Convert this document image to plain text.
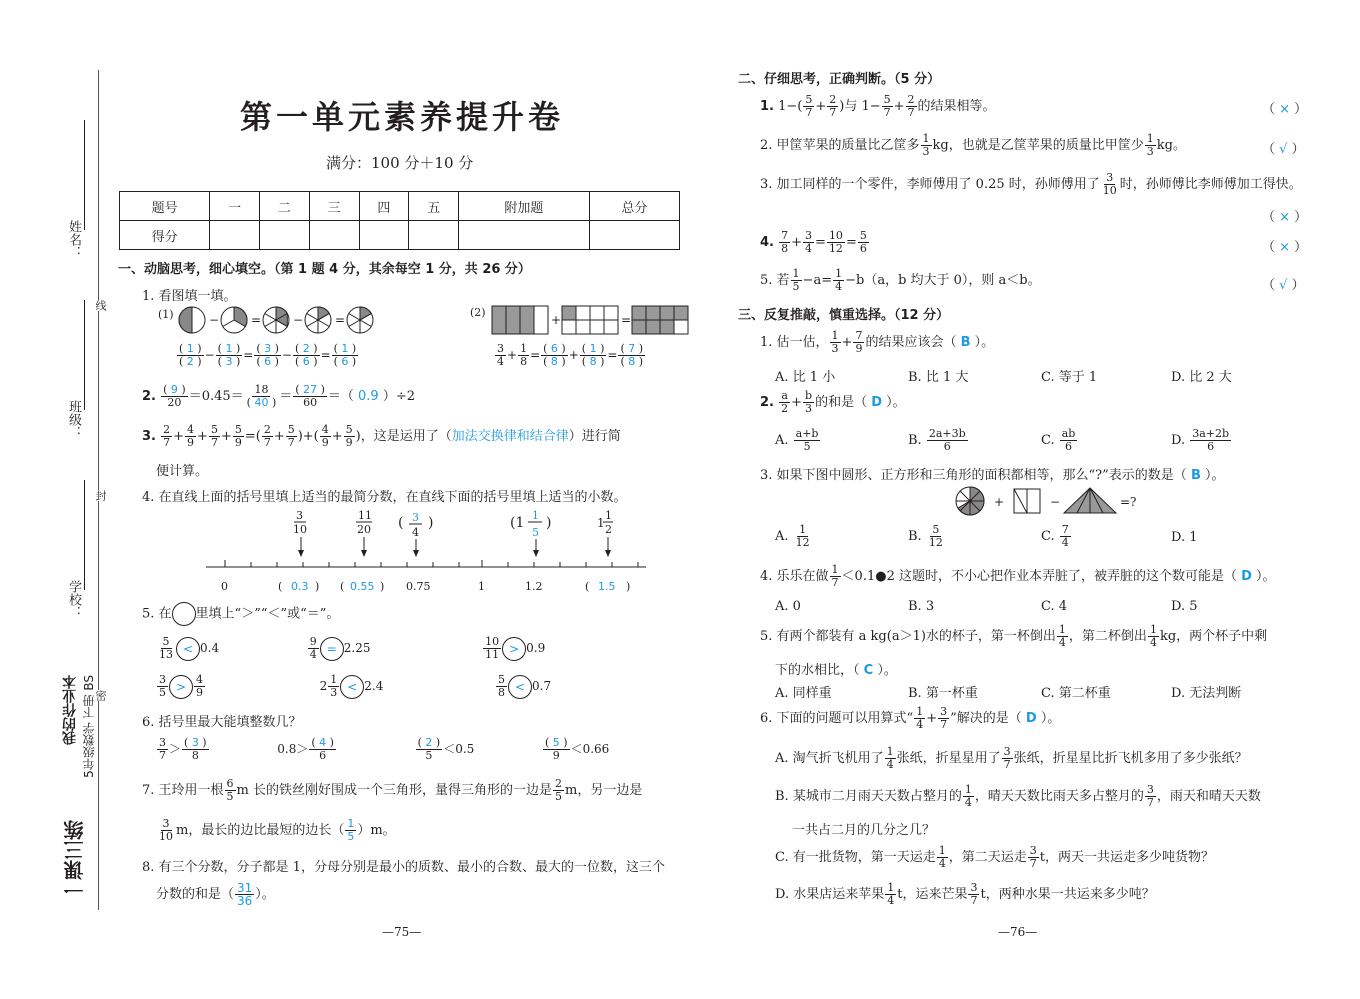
姓名：
班级：
学校：
线
封
密
一课三练
我的作业本 5年级数学 下册 BS
第一单元素养提升卷
满分：100 分＋10 分
题号	一	二	三	四	五	附加题	总分
得分							
一、动脑思考，细心填空。（第 1 题 4 分，其余每空 1 分，共 26 分）
1. 看图填一填。
(1)	−	=	−	=
$\frac{( 1 )}{( 2 )} - \frac{( 1 )}{( 3 )} = \frac{( 3 )}{( 6 )} - \frac{( 2 )}{( 6 )} = \frac{( 1 )}{( 6 )}$
(2)
+	=
$\frac{3}{4} + \frac{1}{8} = \frac{( 6 )}{( 8 )} + \frac{( 1 )}{( 8 )} = \frac{( 7 )}{( 8 )}$
2. $\frac{( 9 )}{20} =0.45= \frac{18}{( 40 )} = \frac{( 27 )}{60}$ ＝（ 0.9 ）÷2
3. $\frac{2}{7} + \frac{4}{9} + \frac{5}{7} + \frac{5}{9}$ =( $\frac{2}{7} + \frac{5}{7}$ )+( $\frac{4}{9} + \frac{5}{9}$ )，这是运用了（加法交换律和结合律）进行简
便计算。
4. 在直线上面的括号里填上适当的最简分数，在直线下面的括号里填上适当的小数。
3
10
11
20 ( 3
4
)	(1 1
5
)	1
1
2
0	( 0.3 ) ( 0.55 ) 0.75	1	1.2	( 1.5 )
5. 在 里填上“＞”“＜”或“＝”。
$\frac{5}{13} < 0.4$	$\frac{9}{4} = 2.25$	$\frac{10}{11} > 0.9$
$\frac{3}{5} > \frac{4}{9}$	$2 \frac{1}{3} < 2.4$	$\frac{5}{8} < 0.7$
6. 括号里最大能填整数几？
$\frac{3}{7} > \frac{( 3 )}{8}$	$0.8> \frac{( 4 )}{6}$
	$\frac{( 2 )}{5} <0.5$	$\frac{( 5 )}{9} <0.66$
7. 王玲用一根 $\frac{6}{5}$ m 长的铁丝刚好围成一个三角形，量得三角形的一边是 $\frac{2}{5}$ m，另一边是
$\frac{3}{10}$ m，最长的边比最短的边长（ $\frac{1}{5} )m$。
8. 有三个分数，分子都是 1，分母分别是最小的质数、最小的合数、最大的一位数，这三个
分数的和是（ $\frac{31}{36}$ ）。
—75—
二、仔细思考，正确判断。（5 分）
1. $1-( \frac{5}{7} + \frac{2}{7}$ )与 $1- \frac{5}{7} + \frac{2}{7}$ 的结果相等。	（ × ）
2. 甲筐苹果的质量比乙筐多 $\frac{1}{3}$ kg，也就是乙筐苹果的质量比甲筐少 $\frac{1}{3}$ kg。	（ √ ）
3. 加工同样的一个零件，李师傅用了 0.25 时，孙师傅用了 $\frac{3}{10}$ 时，孙师傅比李师傅加工得快。
（ × ）
4. $\frac{7}{8} + \frac{3}{4} = \frac{10}{12} = \frac{5}{6}$	（ × ）
5. 若 $\frac{1}{5} -a= \frac{1}{4} -b(a$，b 均大于 0），则 a＜b。	（ √ ）
三、反复推敲，慎重选择。（12 分）
1. 估一估， $\frac{1}{3} + \frac{7}{9}$ 的结果应该会（ B ）。
A. 比 1 小	B. 比 1 大	C. 等于 1	D. 比 2 大
2. $\frac{a}{2} + \frac{b}{3}$ 的和是（ D ）。
A. $\frac{a+b}{5}$	B. $\frac{2a+3b}{6}$	C. $\frac{ab}{6}$	D. $\frac{3a+2b}{6}$
3. 如果下图中圆形、正方形和三角形的面积都相等，那么“?”表示的数是（ B ）。
+	−	=?
A. $\frac{1}{12}$	B. $\frac{5}{12}$	C. $\frac{7}{4}$	D. 1
4. 乐乐在做 $\frac{1}{7}$ ＜0.1●2 这题时，不小心把作业本弄脏了，被弄脏的这个数可能是（ D ）。
A. 0	B. 3	C. 4	D. 5
5. 有两个都装有 a kg(a＞1)水的杯子，第一杯倒出 $\frac{1}{4}$ ，第二杯倒出 $\frac{1}{4}$ kg，两个杯子中剩
下的水相比，（ C ）。
A. 同样重	B. 第一杯重	C. 第二杯重	D. 无法判断
6. 下面的问题可以用算式“ $\frac{1}{4} + \frac{3}{7}$ ”解决的是（ D ）。
A. 淘气折飞机用了 $\frac{1}{4}$ 张纸，折星星用了 $\frac{3}{7}$ 张纸，折星星比折飞机多用了多少张纸？
B. 某城市二月雨天天数占整月的 $\frac{1}{4}$ ，晴天天数比雨天多占整月的 $\frac{3}{7}$ ，雨天和晴天天数
一共占二月的几分之几？
C. 有一批货物，第一天运走 $\frac{1}{4}$ ，第二天运走 $\frac{3}{7}$ t，两天一共运走多少吨货物？
D. 水果店运来苹果 $\frac{1}{4}$ t，运来芒果 $\frac{3}{7}$ t，两种水果一共运来多少吨？
—76—
